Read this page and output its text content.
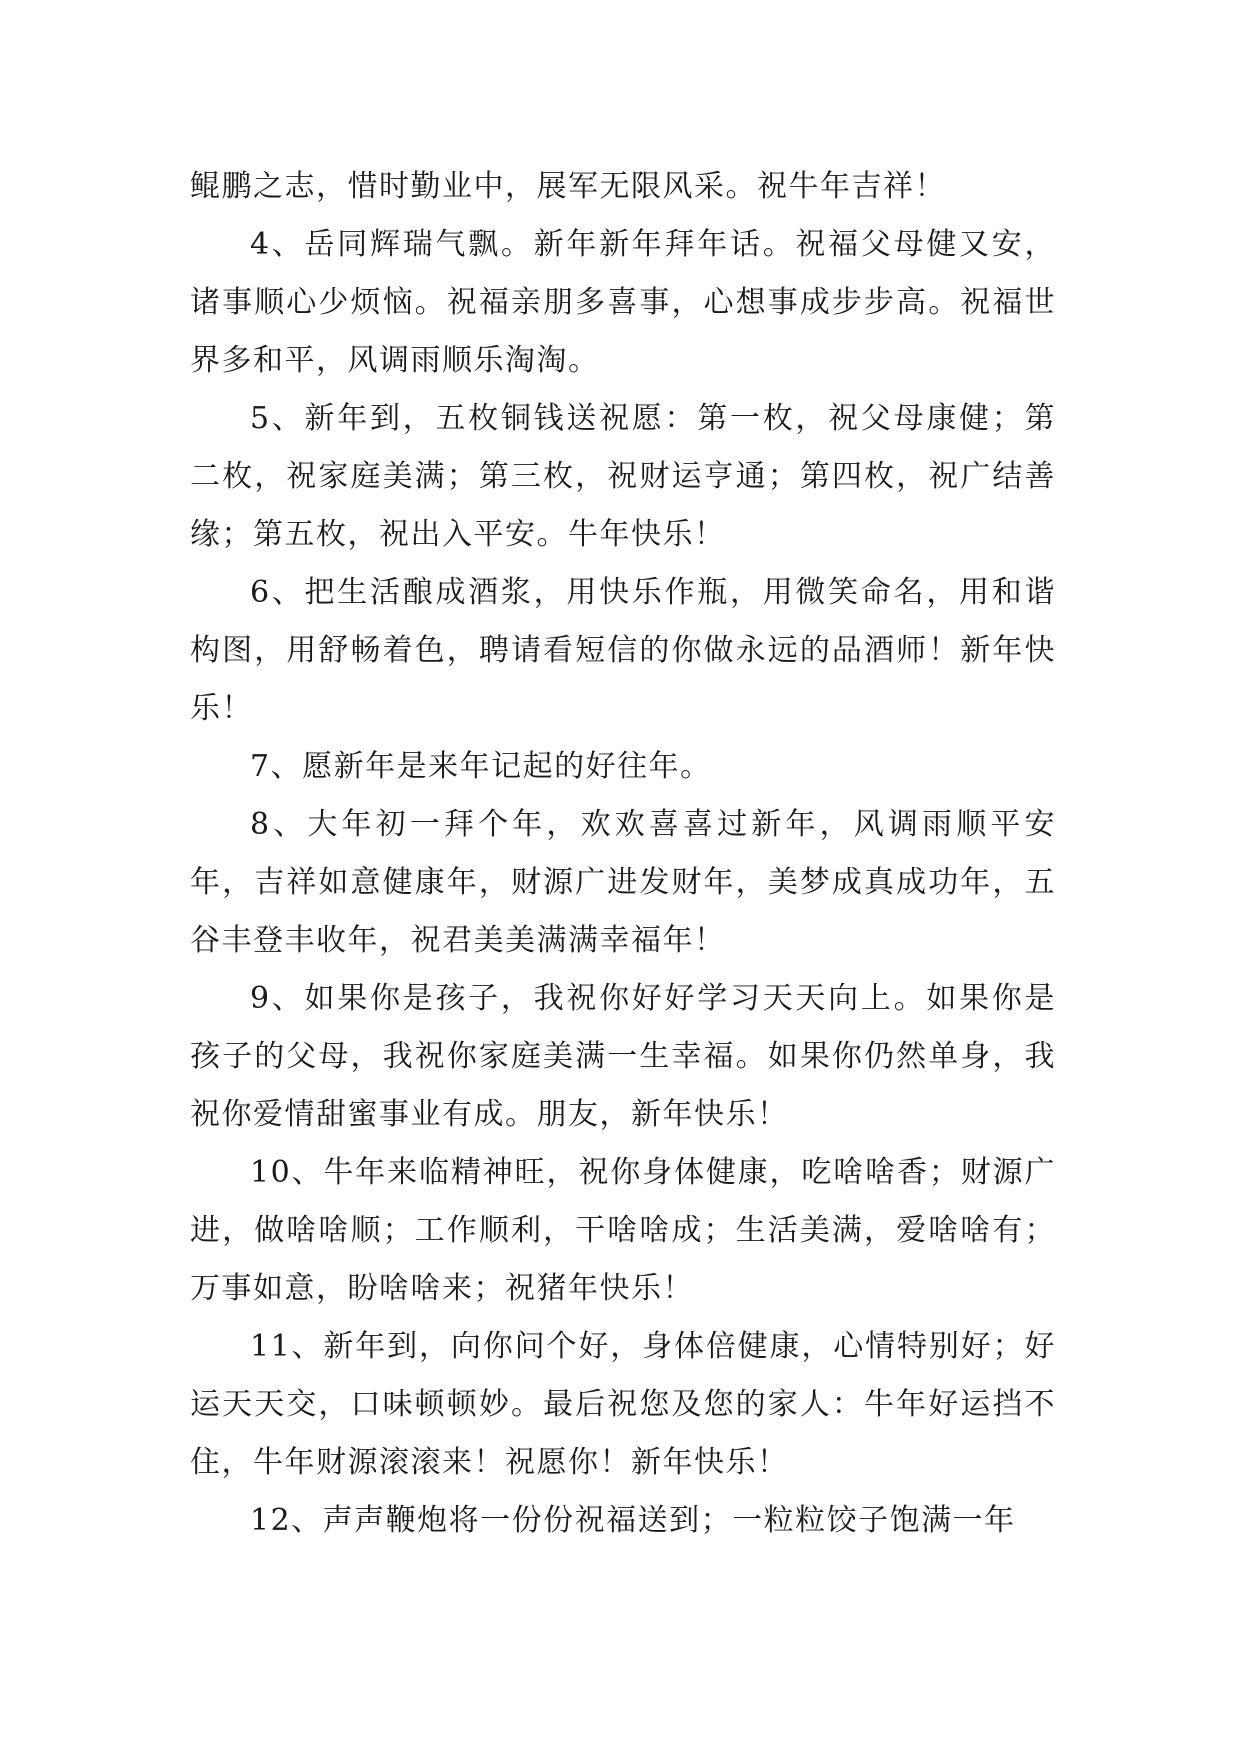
鲲鹏之志，惜时勤业中，展军无限风采。祝牛年吉祥！

4、岳同辉瑞气飘。新年新年拜年话。祝福父母健又安，诸事顺心少烦恼。祝福亲朋多喜事，心想事成步步高。祝福世界多和平，风调雨顺乐淘淘。

5、新年到，五枚铜钱送祝愿：第一枚，祝父母康健；第二枚，祝家庭美满；第三枚，祝财运亨通；第四枚，祝广结善缘；第五枚，祝出入平安。牛年快乐！

6、把生活酿成酒浆，用快乐作瓶，用微笑命名，用和谐构图，用舒畅着色，聘请看短信的你做永远的品酒师！新年快乐！

7、愿新年是来年记起的好往年。

8、大年初一拜个年，欢欢喜喜过新年，风调雨顺平安年，吉祥如意健康年，财源广进发财年，美梦成真成功年，五谷丰登丰收年，祝君美美满满幸福年！

9、如果你是孩子，我祝你好好学习天天向上。如果你是孩子的父母，我祝你家庭美满一生幸福。如果你仍然单身，我祝你爱情甜蜜事业有成。朋友，新年快乐！

10、牛年来临精神旺，祝你身体健康，吃啥啥香；财源广进，做啥啥顺；工作顺利，干啥啥成；生活美满，爱啥啥有；万事如意，盼啥啥来；祝猪年快乐！

11、新年到，向你问个好，身体倍健康，心情特别好；好运天天交，口味顿顿妙。最后祝您及您的家人：牛年好运挡不住，牛年财源滚滚来！祝愿你！新年快乐！

12、声声鞭炮将一份份祝福送到；一粒粒饺子饱满一年
